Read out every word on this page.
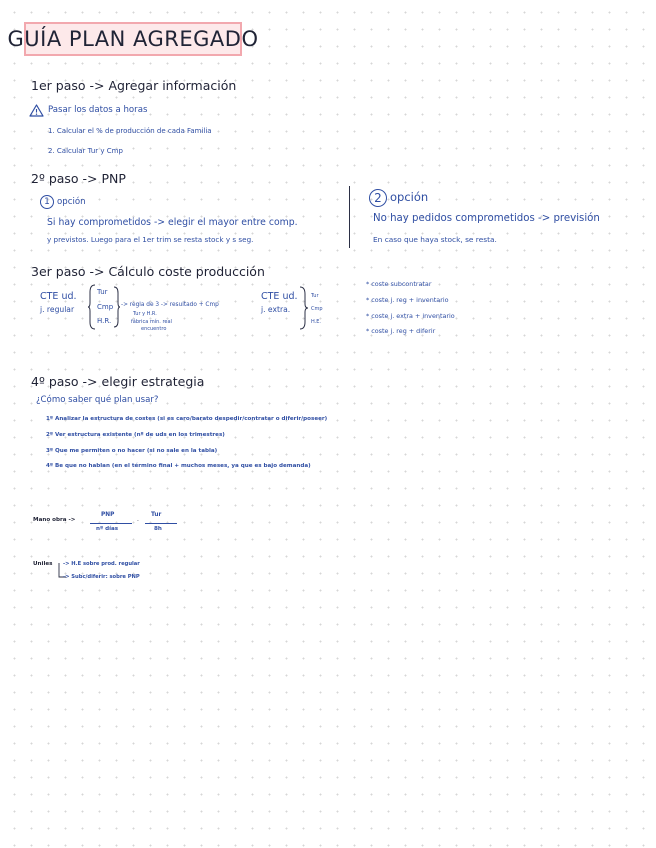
GUÍA PLAN AGREGADO
1er paso -> Agregar información
Pasar los datos a horas
1. Calcular el % de producción de cada Familia
2. Calcular Tur y Cmp
2º paso -> PNP
1 opción
Si hay comprometidos -> elegir el mayor entre comp.
y previstos. Luego para el 1er trim se resta stock y s seg.
2 opción
No hay pedidos comprometidos -> previsión
En caso que haya stock, se resta.
3er paso -> Cálculo coste producción
CTE ud.
j. regular
Tur
Cmp
H.R.
-> regla de 3 -> resultado + Cmp
Tur y H.R.
fábrica mín. real
encuentro
CTE ud.
j. extra.
Tur
Cmp
H.E.
* coste subcontratar
* coste j. reg + inventario
* coste j. extra + inventario
* coste j. reg + diferir
4º paso -> elegir estrategia
¿Cómo saber qué plan usar?
1º Analizar la estructura de costes (si es caro/barato despedir/contratar o diferir/poseer)
2º Ver estructura existente (nº de uds en los trimestres)
3º Que me permiten o no hacer (si no sale en la tabla)
4º Be que no hablan (en el término final + muchos meses, ya que es bajo demanda)
Mano obra ->
PNP
nº días
·
Tur
8h
Uniles -> H.E sobre prod. regular
-> Subc/diferir: sobre PNP
